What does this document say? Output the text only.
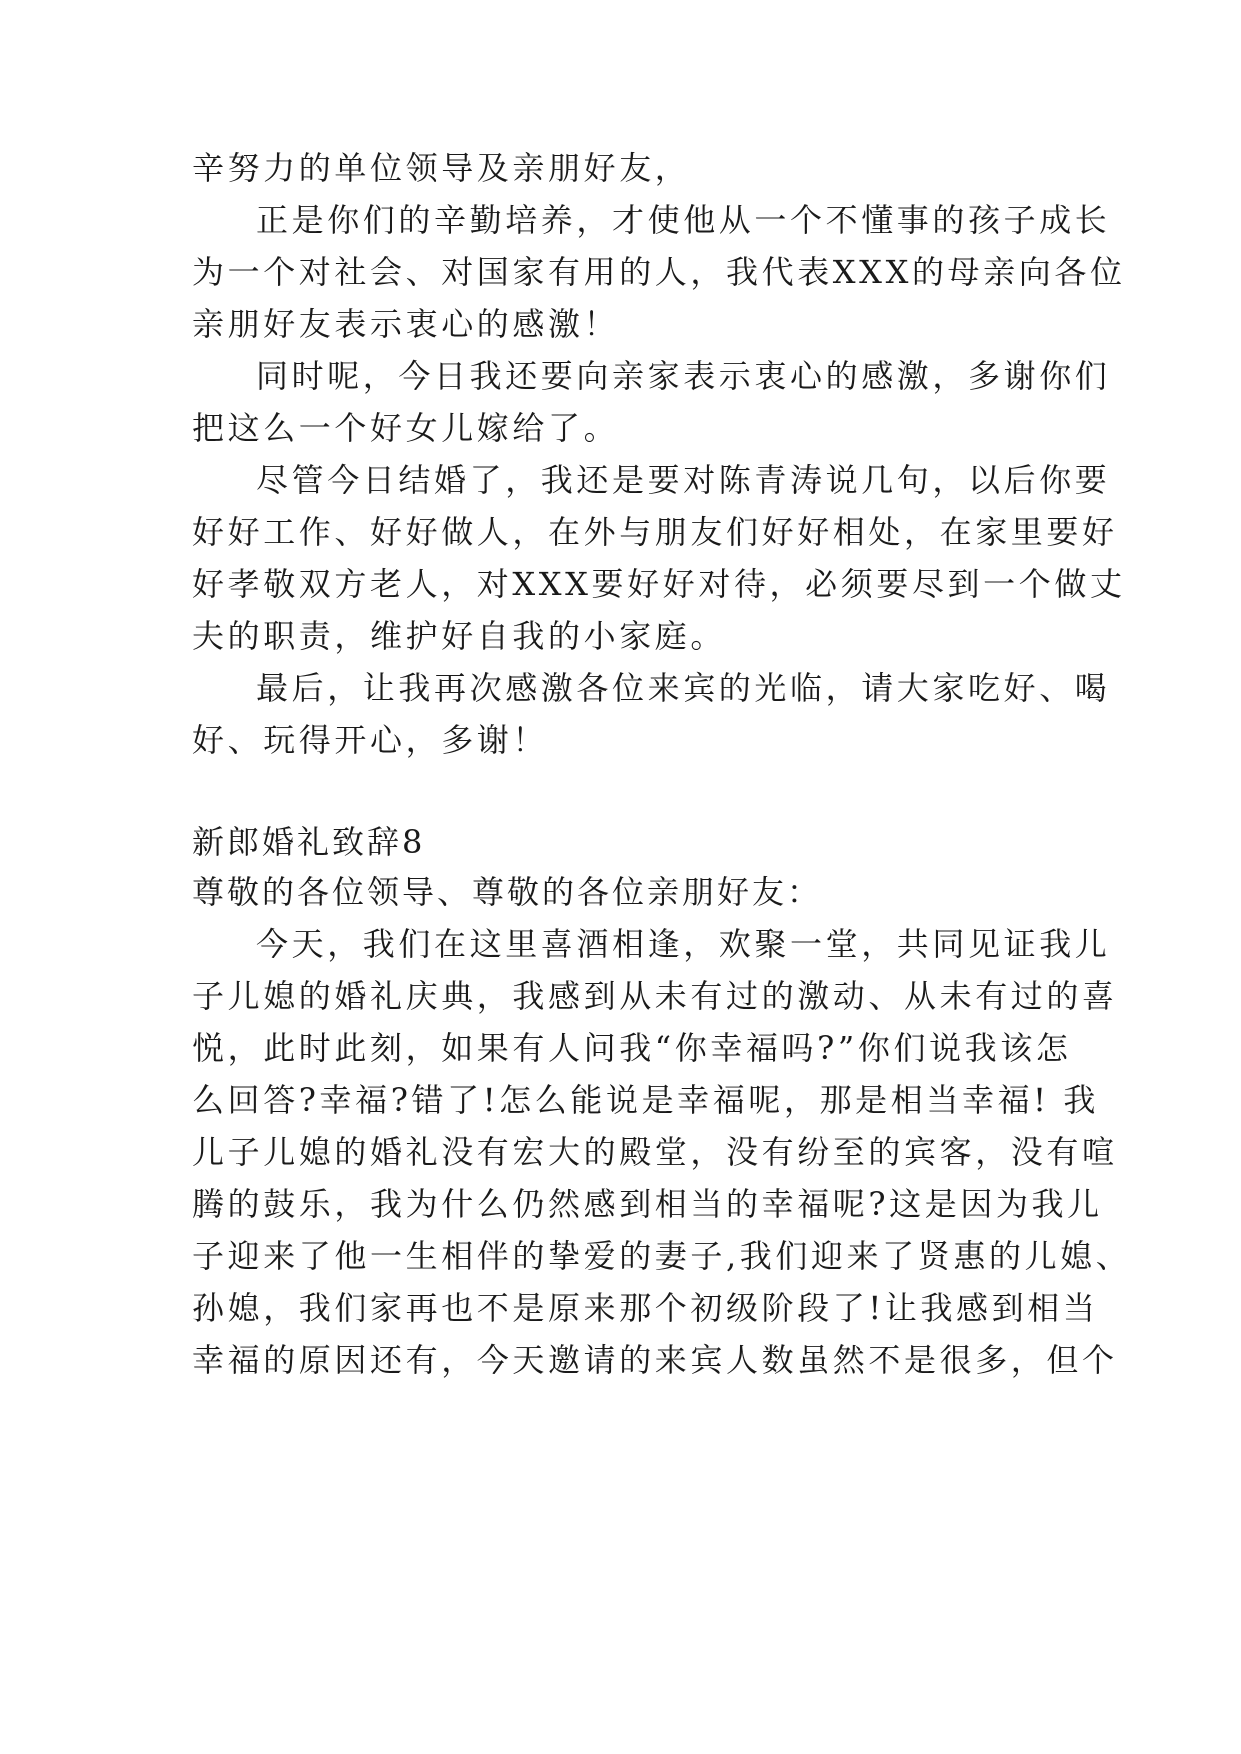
辛努力的单位领导及亲朋好友，
正是你们的辛勤培养，才使他从一个不懂事的孩子成长
为一个对社会、对国家有用的人，我代表XXX的母亲向各位
亲朋好友表示衷心的感激！
同时呢，今日我还要向亲家表示衷心的感激，多谢你们
把这么一个好女儿嫁给了。
尽管今日结婚了，我还是要对陈青涛说几句，以后你要
好好工作、好好做人，在外与朋友们好好相处，在家里要好
好孝敬双方老人，对XXX要好好对待，必须要尽到一个做丈
夫的职责，维护好自我的小家庭。
最后，让我再次感激各位来宾的光临，请大家吃好、喝
好、玩得开心，多谢！
新郎婚礼致辞8
尊敬的各位领导、尊敬的各位亲朋好友：
今天，我们在这里喜酒相逢，欢聚一堂，共同见证我儿
子儿媳的婚礼庆典，我感到从未有过的激动、从未有过的喜
悦，此时此刻，如果有人问我“你幸福吗?”你们说我该怎
么回答?幸福?错了!怎么能说是幸福呢，那是相当幸福! 我
儿子儿媳的婚礼没有宏大的殿堂，没有纷至的宾客，没有喧
腾的鼓乐，我为什么仍然感到相当的幸福呢?这是因为我儿
子迎来了他一生相伴的挚爱的妻子,我们迎来了贤惠的儿媳、
孙媳，我们家再也不是原来那个初级阶段了!让我感到相当
幸福的原因还有，今天邀请的来宾人数虽然不是很多，但个
